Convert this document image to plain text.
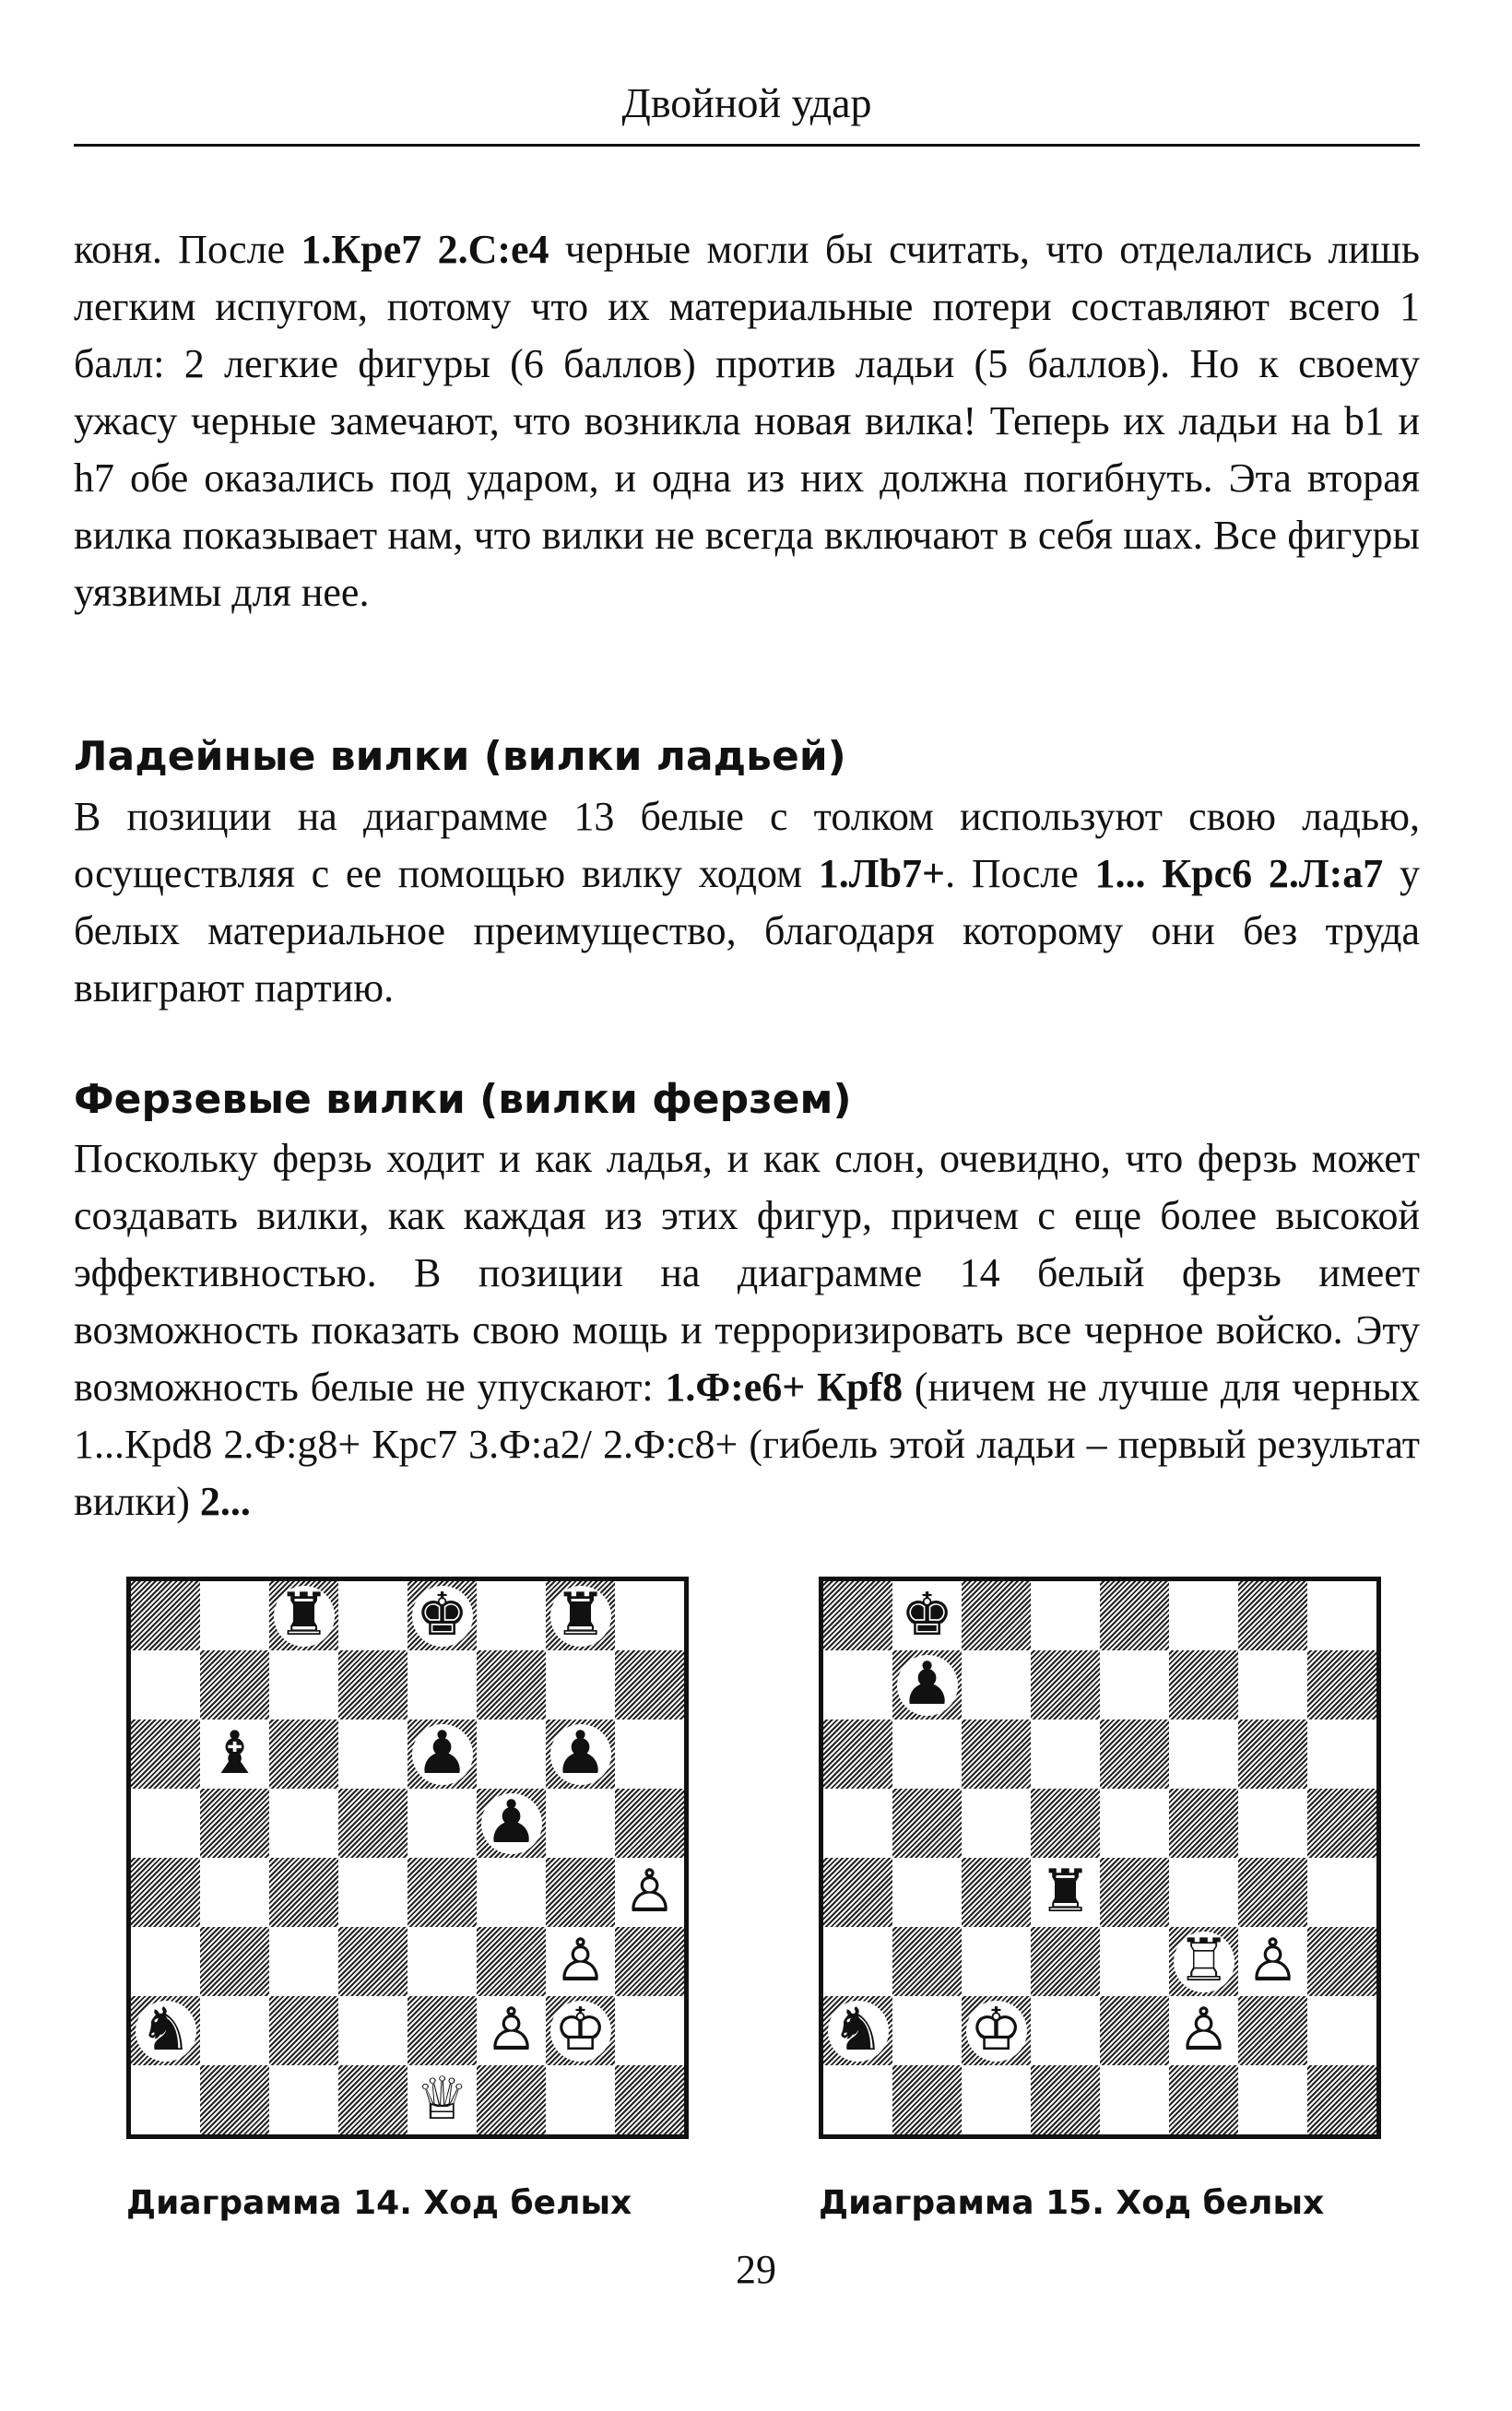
Двойной удар
коня. После 1.Кре7 2.С:е4 черные могли бы считать, что отделались лишь легким испугом, потому что их материальные потери составляют всего 1 балл: 2 легкие фигуры (6 баллов) против ладьи (5 баллов). Но к своему ужасу черные замечают, что возникла новая вилка! Теперь их ладьи на b1 и h7 обе оказались под ударом, и одна из них должна погибнуть. Эта вторая вилка показывает нам, что вилки не всегда включают в себя шах. Все фигуры уязвимы для нее.
Ладейные вилки (вилки ладьей)
В позиции на диаграмме 13 белые с толком используют свою ладью, осуществляя с ее помощью вилку ходом 1.Лb7+. После 1... Крс6 2.Л:а7 у белых материальное преимущество, благодаря которому они без труда выиграют партию.
Ферзевые вилки (вилки ферзем)
Поскольку ферзь ходит и как ладья, и как слон, очевидно, что ферзь может создавать вилки, как каждая из этих фигур, причем с еще более высокой эффективностью. В позиции на диаграмме 14 белый ферзь имеет возможность показать свою мощь и терроризировать все черное войско. Эту возможность белые не упускают: 1.Ф:е6+ Крf8 (ничем не лучше для черных 1...Крd8 2.Ф:g8+ Крс7 3.Ф:а2/ 2.Ф:с8+ (гибель этой ладьи – первый результат вилки) 2...
♜ ♚ ♜
♝	♟ ♟
♟
♙
♙
♞	♙ ♔
♕
Диаграмма 14. Ход белых
♚
♟
♜
♖ ♙
♞ ♔	♙
Диаграмма 15. Ход белых
29
